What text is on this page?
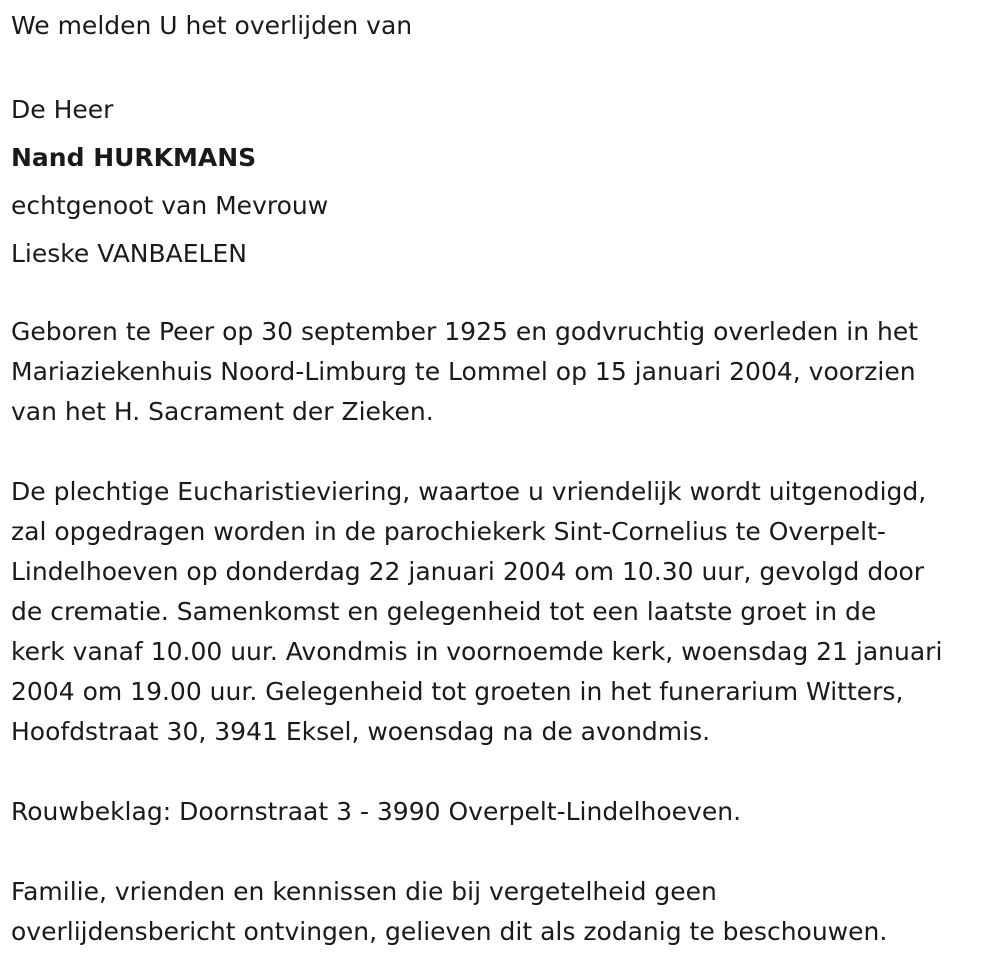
We melden U het overlijden van

De Heer

Nand HURKMANS

echtgenoot van Mevrouw

Lieske VANBAELEN

Geboren te Peer op 30 september 1925 en godvruchtig overleden in het
Mariaziekenhuis Noord-Limburg te Lommel op 15 januari 2004, voorzien
van het H. Sacrament der Zieken.
De plechtige Eucharistieviering, waartoe u vriendelijk wordt uitgenodigd,
zal opgedragen worden in de parochiekerk Sint-Cornelius te Overpelt-
Lindelhoeven op donderdag 22 januari 2004 om 10.30 uur, gevolgd door
de crematie. Samenkomst en gelegenheid tot een laatste groet in de
kerk vanaf 10.00 uur. Avondmis in voornoemde kerk, woensdag 21 januari
2004 om 19.00 uur. Gelegenheid tot groeten in het funerarium Witters,
Hoofdstraat 30, 3941 Eksel, woensdag na de avondmis.
Rouwbeklag: Doornstraat 3 - 3990 Overpelt-Lindelhoeven.
Familie, vrienden en kennissen die bij vergetelheid geen
overlijdensbericht ontvingen, gelieven dit als zodanig te beschouwen.
